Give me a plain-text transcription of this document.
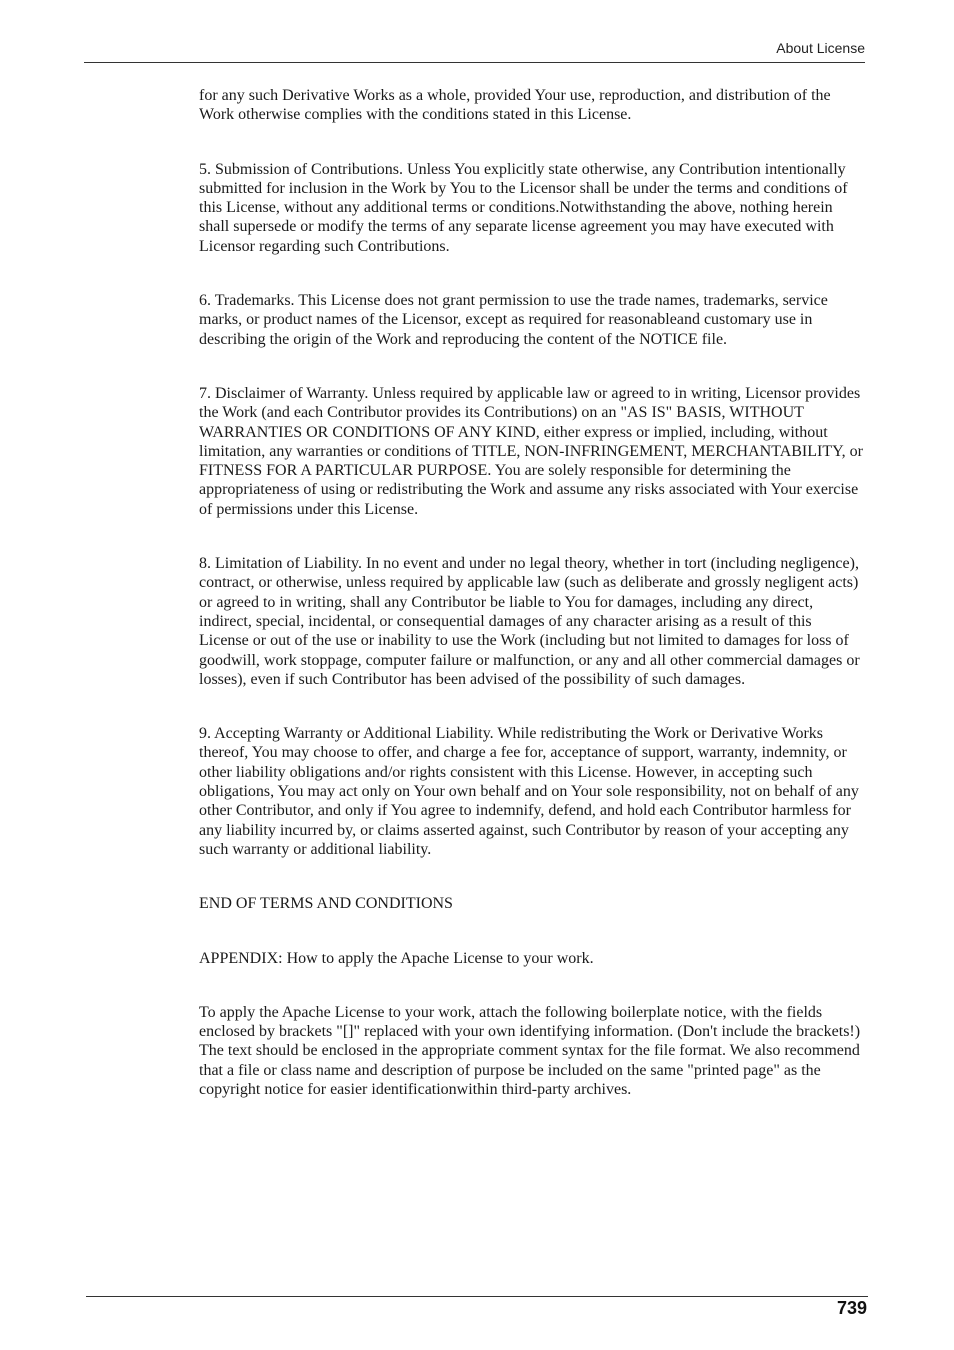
About License

for any such Derivative Works as a whole, provided Your use, reproduction, and distribution of the Work otherwise complies with the conditions stated in this License.

5. Submission of Contributions. Unless You explicitly state otherwise, any Contribution intentionally submitted for inclusion in the Work by You to the Licensor shall be under the terms and conditions of this License, without any additional terms or conditions.Notwithstanding the above, nothing herein shall supersede or modify the terms of any separate license agreement you may have executed with Licensor regarding such Contributions.

6. Trademarks. This License does not grant permission to use the trade names, trademarks, service marks, or product names of the Licensor, except as required for reasonableand customary use in describing the origin of the Work and reproducing the content of the NOTICE file.

7. Disclaimer of Warranty. Unless required by applicable law or agreed to in writing, Licensor provides the Work (and each Contributor provides its Contributions) on an "AS IS" BASIS, WITHOUT WARRANTIES OR CONDITIONS OF ANY KIND, either express or implied, including, without limitation, any warranties or conditions of TITLE, NON-INFRINGEMENT, MERCHANTABILITY, or FITNESS FOR A PARTICULAR PURPOSE. You are solely responsible for determining the appropriateness of using or redistributing the Work and assume any risks associated with Your exercise of permissions under this License.

8. Limitation of Liability. In no event and under no legal theory, whether in tort (including negligence), contract, or otherwise, unless required by applicable law (such as deliberate and grossly negligent acts) or agreed to in writing, shall any Contributor be liable to You for damages, including any direct, indirect, special, incidental, or consequential damages of any character arising as a result of this License or out of the use or inability to use the Work (including but not limited to damages for loss of goodwill, work stoppage, computer failure or malfunction, or any and all other commercial damages or losses), even if such Contributor has been advised of the possibility of such damages.

9. Accepting Warranty or Additional Liability. While redistributing the Work or Derivative Works thereof, You may choose to offer, and charge a fee for, acceptance of support, warranty, indemnity, or other liability obligations and/or rights consistent with this License. However, in accepting such obligations, You may act only on Your own behalf and on Your sole responsibility, not on behalf of any other Contributor, and only if You agree to indemnify, defend, and hold each Contributor harmless for any liability incurred by, or claims asserted against, such Contributor by reason of your accepting any such warranty or additional liability.

END OF TERMS AND CONDITIONS

APPENDIX: How to apply the Apache License to your work.

To apply the Apache License to your work, attach the following boilerplate notice, with the fields enclosed by brackets "[]" replaced with your own identifying information. (Don't include the brackets!) The text should be enclosed in the appropriate comment syntax for the file format. We also recommend that a file or class name and description of purpose be included on the same "printed page" as the copyright notice for easier identificationwithin third-party archives.

739
